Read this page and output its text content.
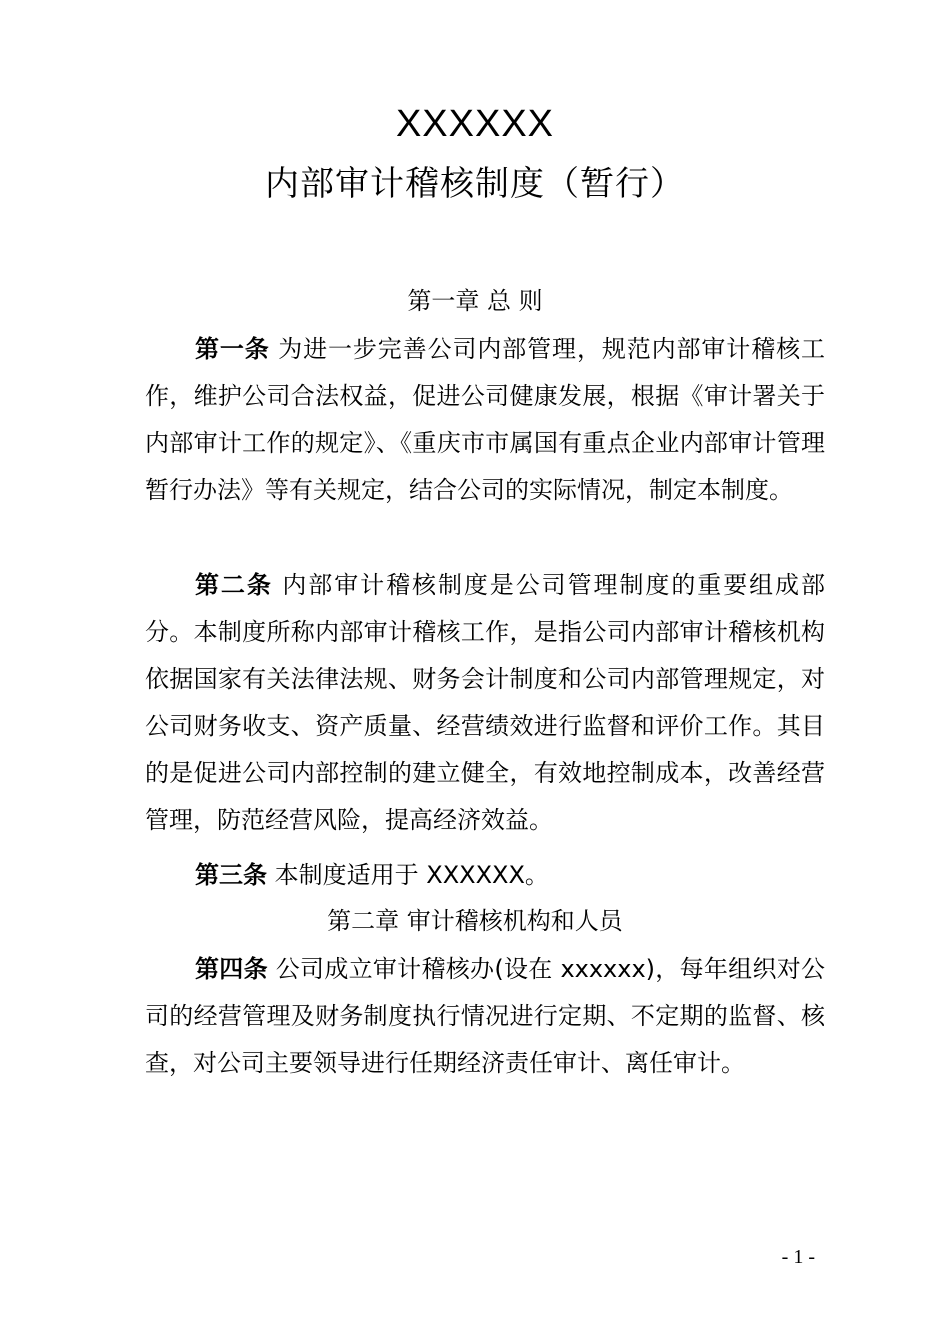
XXXXXX
内部审计稽核制度（暂行）
第一章 总 则

第一条 为进一步完善公司内部管理，规范内部审计稽核工作，维护公司合法权益，促进公司健康发展，根据《审计署关于内部审计工作的规定》、《重庆市市属国有重点企业内部审计管理暂行办法》等有关规定，结合公司的实际情况，制定本制度。

第二条 内部审计稽核制度是公司管理制度的重要组成部分。本制度所称内部审计稽核工作，是指公司内部审计稽核机构依据国家有关法律法规、财务会计制度和公司内部管理规定，对公司财务收支、资产质量、经营绩效进行监督和评价工作。其目的是促进公司内部控制的建立健全，有效地控制成本，改善经营管理，防范经营风险，提高经济效益。

第三条 本制度适用于 XXXXXX。

第二章 审计稽核机构和人员

第四条 公司成立审计稽核办(设在 xxxxxx)，每年组织对公司的经营管理及财务制度执行情况进行定期、不定期的监督、核查，对公司主要领导进行任期经济责任审计、离任审计。

- 1 -
